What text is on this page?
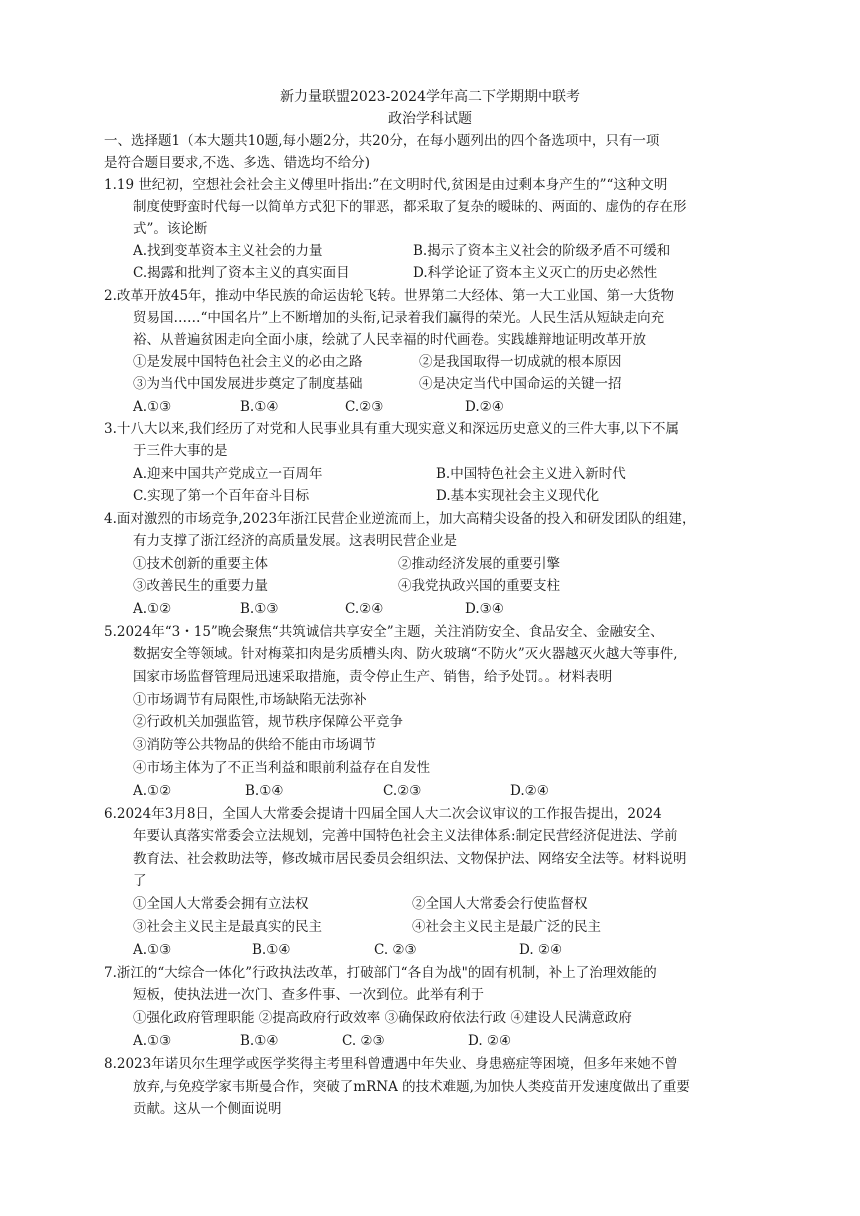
新力量联盟2023-2024学年高二下学期期中联考
政治学科试题
一、选择题1（本大题共10题,每小题2分，共20分，在每小题列出的四个备选项中，只有一项
是符合题目要求,不选、多选、错选均不给分)
1.19 世纪初，空想社会社会主义傅里叶指出:”在文明时代,贫困是由过剩本身产生的”“这种文明
制度使野蛮时代每一以简单方式犯下的罪恶，都采取了复杂的暧昧的、两面的、虚伪的存在形
式”。该论断
A.找到变革资本主义社会的力量	B.揭示了资本主义社会的阶级矛盾不可缓和
C.揭露和批判了资本主义的真实面目	D.科学论证了资本主义灭亡的历史必然性
2.改革开放45年，推动中华民族的命运齿轮飞转。世界第二大经体、第一大工业国、第一大货物
贸易国……“中国名片”上不断增加的头衔,记录着我们赢得的荣光。人民生活从短缺走向充
裕、从普遍贫困走向全面小康，绘就了人民幸福的时代画卷。实践雄辩地证明改革开放
①是发展中国特色社会主义的必由之路	②是我国取得一切成就的根本原因
③为当代中国发展进步奠定了制度基础	④是决定当代中国命运的关键一招
A.①③	B.①④	C.②③	D.②④
3.十八大以来,我们经历了对党和人民事业具有重大现实意义和深远历史意义的三件大事,以下不属
于三件大事的是
A.迎来中国共产党成立一百周年	B.中国特色社会主义进入新时代
C.实现了第一个百年奋斗目标	D.基本实现社会主义现代化
4.面对激烈的市场竞争,2023年浙江民营企业逆流而上，加大高精尖设备的投入和研发团队的组建，
有力支撑了浙江经济的高质量发展。这表明民营企业是
①技术创新的重要主体	②推动经济发展的重要引擎
③改善民生的重要力量	④我党执政兴国的重要支柱
A.①②	B.①③	C.②④	D.③④
5.2024年“3・15”晚会聚焦“共筑诚信共享安全”主题，关注消防安全、食品安全、金融安全、
数据安全等领域。针对梅菜扣肉是劣质槽头肉、防火玻璃“不防火”灭火器越灭火越大等事件,
国家市场监督管理局迅速采取措施，责令停止生产、销售，给予处罚。。材料表明
①市场调节有局限性,市场缺陷无法弥补
②行政机关加强监管，规节秩序保障公平竞争
③消防等公共物品的供给不能由市场调节
④市场主体为了不正当利益和眼前利益存在自发性
A.①②	B.①④	C.②③	D.②④
6.2024年3月8日，全国人大常委会提请十四届全国人大二次会议审议的工作报告提出，2024
年要认真落实常委会立法规划，完善中国特色社会主义法律体系:制定民营经济促进法、学前
教育法、社会救助法等，修改城市居民委员会组织法、文物保护法、网络安全法等。材料说明
了
①全国人大常委会拥有立法权	②全国人大常委会行使监督权
③社会主义民主是最真实的民主	④社会主义民主是最广泛的民主
A.①③	B.①④	C. ②③	D. ②④
7.浙江的“大综合一体化”行政执法改革，打破部门“各自为战"的固有机制，补上了治理效能的
短板，使执法进一次门、查多件事、一次到位。此举有利于
①强化政府管理职能 ②提高政府行政效率 ③确保政府依法行政 ④建设人民满意政府
A.①③	B.①④	C. ②③	D. ②④
8.2023年诺贝尔生理学或医学奖得主考里科曾遭遇中年失业、身患癌症等困境，但多年来她不曾
放弃,与免疫学家韦斯曼合作，突破了mRNA 的技术难题,为加快人类疫苗开发速度做出了重要
贡献。这从一个侧面说明
